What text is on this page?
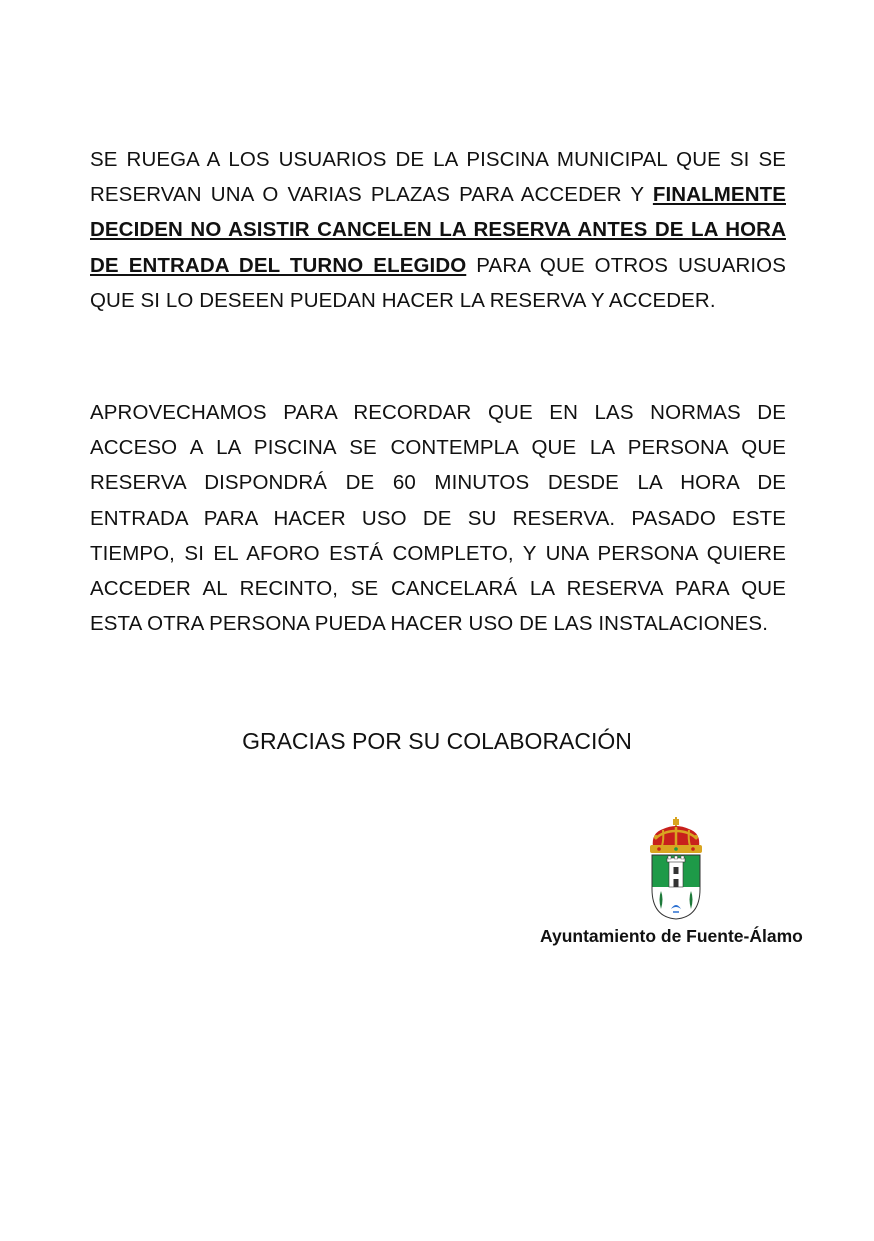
SE RUEGA A LOS USUARIOS DE LA PISCINA MUNICIPAL QUE SI SE RESERVAN UNA O VARIAS PLAZAS PARA ACCEDER Y FINALMENTE DECIDEN NO ASISTIR CANCELEN LA RESERVA ANTES DE LA HORA DE ENTRADA DEL TURNO ELEGIDO PARA QUE OTROS USUARIOS QUE SI LO DESEEN PUEDAN HACER LA RESERVA Y ACCEDER.

APROVECHAMOS PARA RECORDAR QUE EN LAS NORMAS DE ACCESO A LA PISCINA SE CONTEMPLA QUE LA PERSONA QUE RESERVA DISPONDRÁ DE 60 MINUTOS DESDE LA HORA DE ENTRADA PARA HACER USO DE SU RESERVA. PASADO ESTE TIEMPO, SI EL AFORO ESTÁ COMPLETO, Y UNA PERSONA QUIERE ACCEDER AL RECINTO, SE CANCELARÁ LA RESERVA PARA QUE ESTA OTRA PERSONA PUEDA HACER USO DE LAS INSTALACIONES.

GRACIAS POR SU COLABORACIÓN

Ayuntamiento de Fuente-Álamo
